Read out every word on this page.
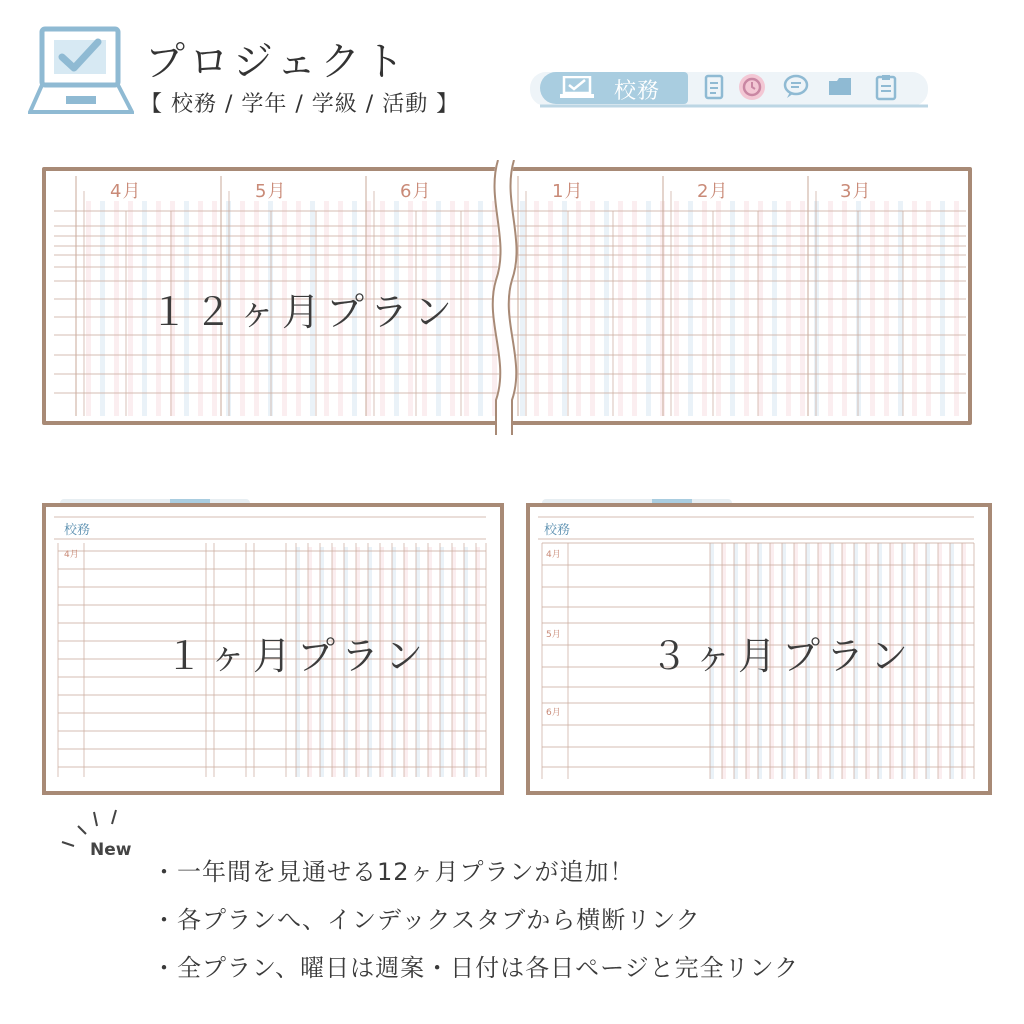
プロジェクト
【 校務 / 学年 / 学級 / 活動 】
校務
4月	5月	6月	1月	2月	3月
１２ヶ月プラン
校務
4月
１ヶ月プラン
校務
4月
5月
6月
３ヶ月プラン
New
・一年間を見通せる12ヶ月プランが追加！
・各プランへ、インデックスタブから横断リンク
・全プラン、曜日は週案・日付は各日ページと完全リンク
